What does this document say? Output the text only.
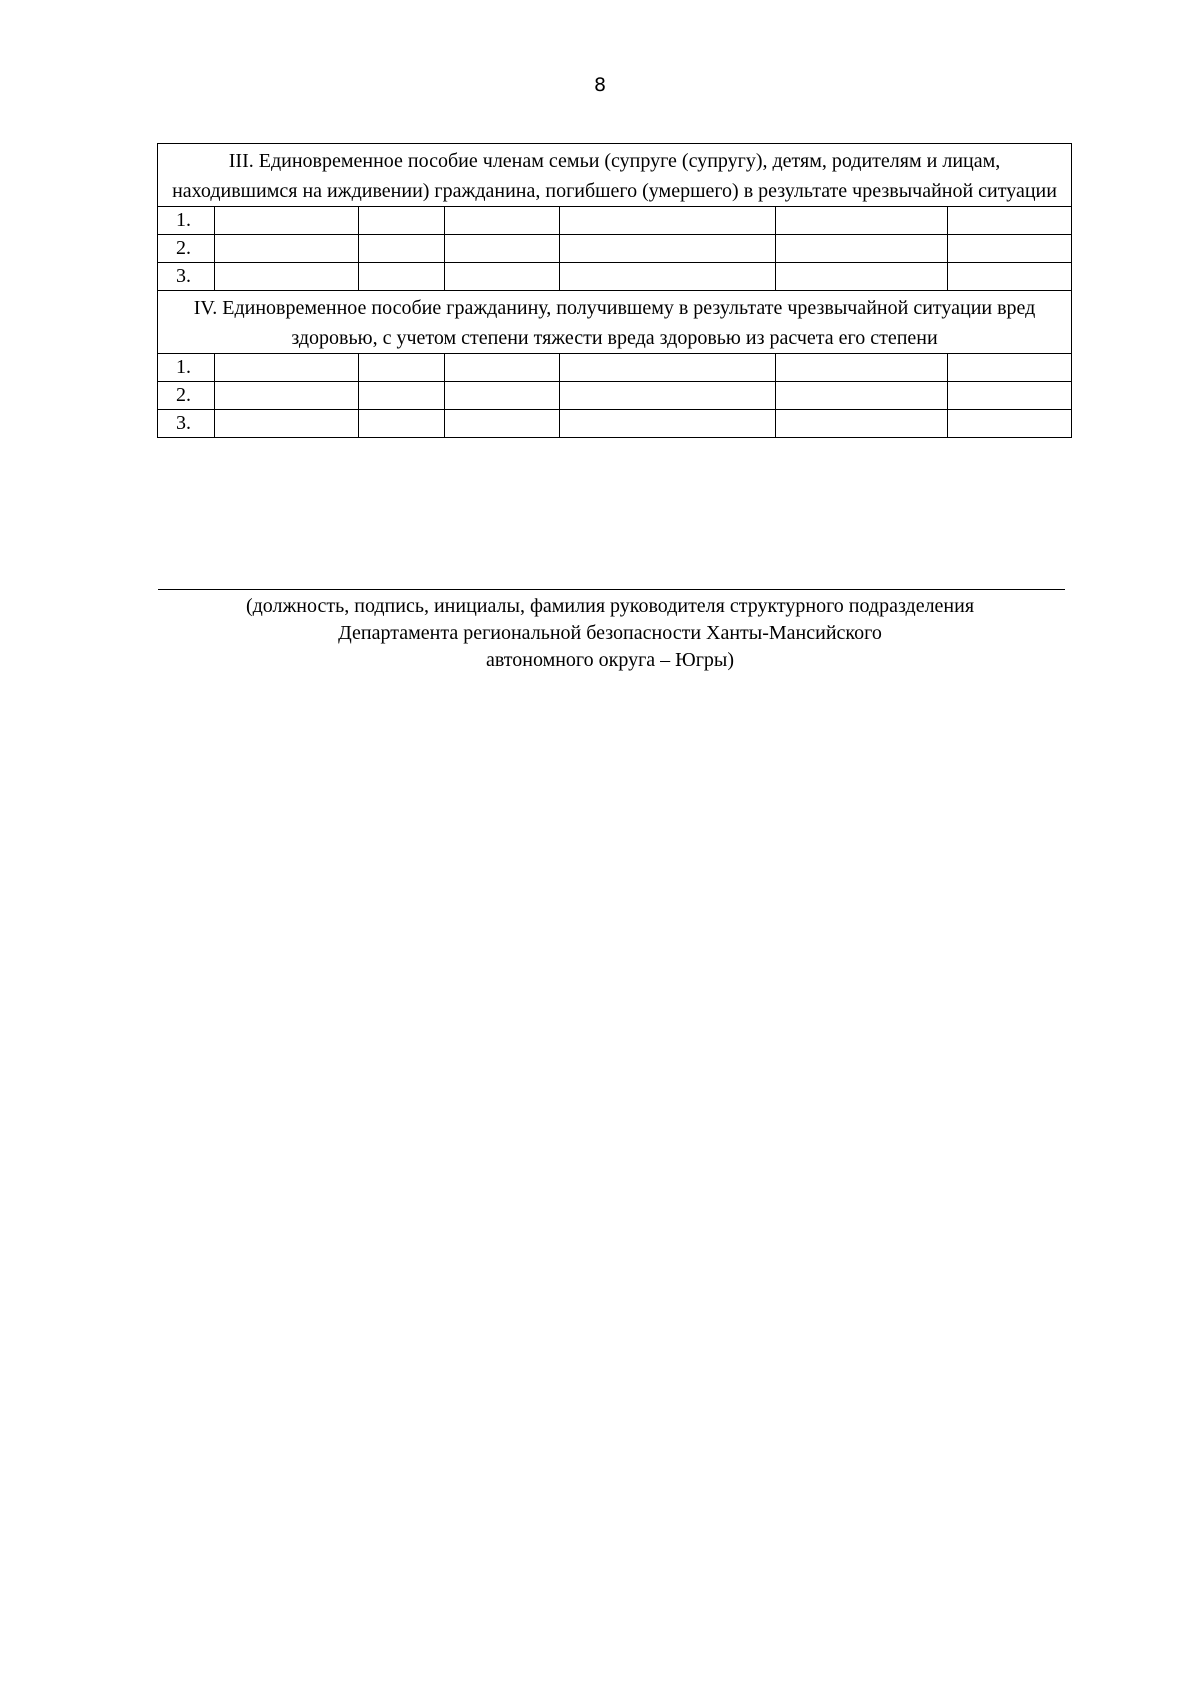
8
III. Единовременное пособие членам семьи (супруге (супругу), детям, родителям и лицам, находившимся на иждивении) гражданина, погибшего (умершего) в результате чрезвычайной ситуации						
1.						
2.						
3.						
IV. Единовременное пособие гражданину, получившему в результате чрезвычайной ситуации вред здоровью, с учетом степени тяжести вреда здоровью из расчета его степени						
1.						
2.						
3.						
(должность, подпись, инициалы, фамилия руководителя структурного подразделения
Департамента региональной безопасности Ханты-Мансийского
автономного округа – Югры)
